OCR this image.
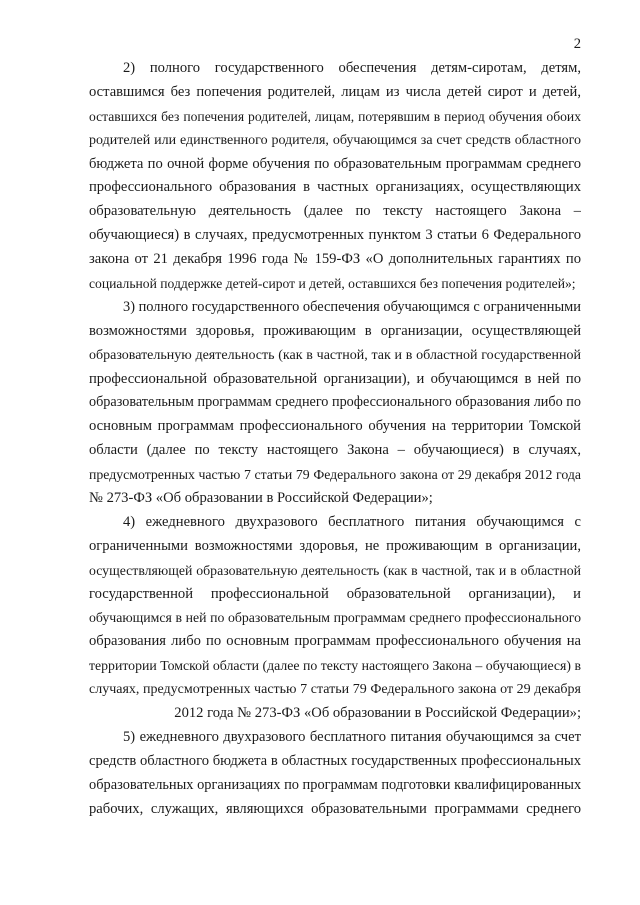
2
2) полного государственного обеспечения детям-сиротам, детям,
оставшимся без попечения родителей, лицам из числа детей сирот и детей,
оставшихся без попечения родителей, лицам, потерявшим в период обучения обоих
родителей или единственного родителя, обучающимся за счет средств областного
бюджета по очной форме обучения по образовательным программам среднего
профессионального образования в частных организациях, осуществляющих
образовательную деятельность (далее по тексту настоящего Закона –
обучающиеся) в случаях, предусмотренных пунктом 3 статьи 6 Федерального
закона от 21 декабря 1996 года № 159-ФЗ «О дополнительных гарантиях по
социальной поддержке детей-сирот и детей, оставшихся без попечения родителей»;
3) полного государственного обеспечения обучающимся с ограниченными
возможностями здоровья, проживающим в организации, осуществляющей
образовательную деятельность (как в частной, так и в областной государственной
профессиональной образовательной организации), и обучающимся в ней по
образовательным программам среднего профессионального образования либо по
основным программам профессионального обучения на территории Томской
области (далее по тексту настоящего Закона – обучающиеся) в случаях,
предусмотренных частью 7 статьи 79 Федерального закона от 29 декабря 2012 года
№ 273-ФЗ «Об образовании в Российской Федерации»;
4) ежедневного двухразового бесплатного питания обучающимся с
ограниченными возможностями здоровья, не проживающим в организации,
осуществляющей образовательную деятельность (как в частной, так и в областной
государственной профессиональной образовательной организации), и
обучающимся в ней по образовательным программам среднего профессионального
образования либо по основным программам профессионального обучения на
территории Томской области (далее по тексту настоящего Закона – обучающиеся) в
случаях, предусмотренных частью 7 статьи 79 Федерального закона от 29 декабря
2012 года № 273-ФЗ «Об образовании в Российской Федерации»;
5) ежедневного двухразового бесплатного питания обучающимся за счет
средств областного бюджета в областных государственных профессиональных
образовательных организациях по программам подготовки квалифицированных
рабочих, служащих, являющихся образовательными программами среднего
